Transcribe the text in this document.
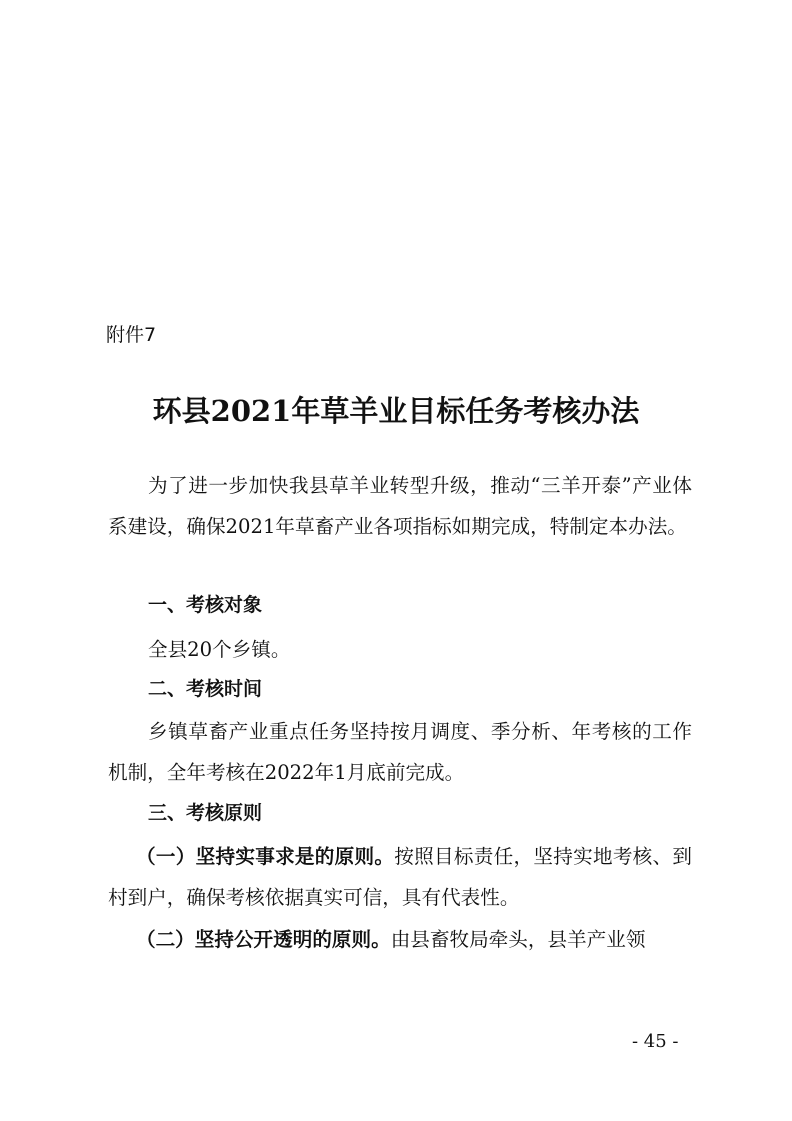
附件7
环县2021年草羊业目标任务考核办法
为了进一步加快我县草羊业转型升级，推动“三羊开泰”产业体系建设，确保2021年草畜产业各项指标如期完成，特制定本办法。
一、考核对象
全县20个乡镇。
二、考核时间
乡镇草畜产业重点任务坚持按月调度、季分析、年考核的工作机制，全年考核在2022年1月底前完成。
三、考核原则
（一）坚持实事求是的原则。按照目标责任，坚持实地考核、到村到户，确保考核依据真实可信，具有代表性。
（二）坚持公开透明的原则。由县畜牧局牵头，县羊产业领
- 45 -
